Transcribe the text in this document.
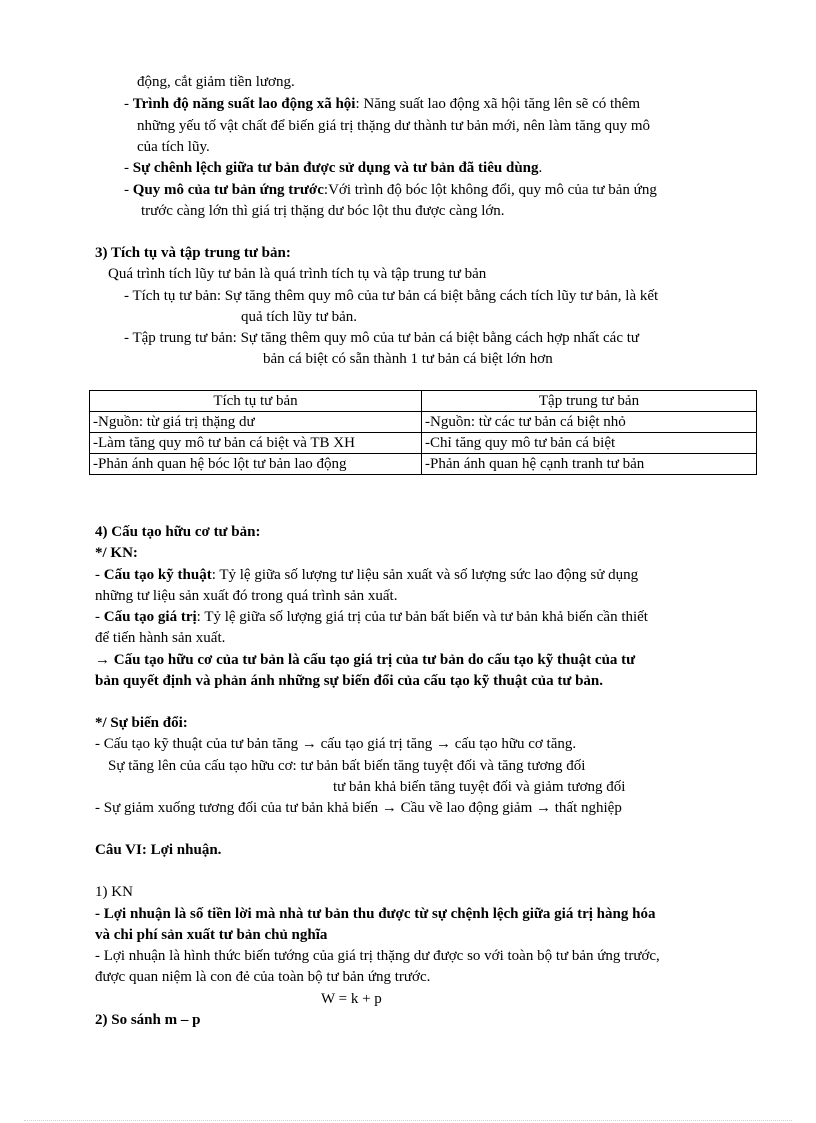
động, cắt giảm tiền lương.
- Trình độ năng suất lao động xã hội: Năng suất lao động xã hội tăng lên sẽ có thêm
những yếu tố vật chất để biến giá trị thặng dư thành tư bản mới, nên làm tăng quy mô
của tích lũy.
- Sự chênh lệch giữa tư bản được sử dụng và tư bản đã tiêu dùng.
- Quy mô của tư bản ứng trước:Với trình độ bóc lột không đổi, quy mô của tư bản ứng
trước càng lớn thì giá trị thặng dư bóc lột thu được càng lớn.
3) Tích tụ và tập trung tư bản:
Quá trình tích lũy tư bản là quá trình tích tụ và tập trung tư bản
- Tích tụ tư bản: Sự tăng thêm quy mô của tư bản cá biệt bằng cách tích lũy tư bản, là kết
quả tích lũy tư bản.
- Tập trung tư bản: Sự tăng thêm quy mô của tư bản cá biệt bằng cách hợp nhất các tư
bản cá biệt có sẵn thành 1 tư bản cá biệt lớn hơn
Tích tụ tư bản	Tập trung tư bản
-Nguồn: từ giá trị thặng dư	-Nguồn: từ các tư bản cá biệt nhỏ
-Làm tăng quy mô tư bản cá biệt và TB XH	-Chỉ tăng quy mô tư bản cá biệt
-Phản ánh quan hệ bóc lột tư bản lao động	-Phản ánh quan hệ cạnh tranh tư bản
4) Cấu tạo hữu cơ tư bản:
*/ KN:
- Cấu tạo kỹ thuật: Tỷ lệ giữa số lượng tư liệu sản xuất và số lượng sức lao động sử dụng
những tư liệu sản xuất đó trong quá trình sản xuất.
- Cấu tạo giá trị: Tỷ lệ giữa số lượng giá trị của tư bản bất biến và tư bản khả biến cần thiết
để tiến hành sản xuất.
→ Cấu tạo hữu cơ của tư bản là cấu tạo giá trị của tư bản do cấu tạo kỹ thuật của tư
bản quyết định và phản ánh những sự biến đổi của cấu tạo kỹ thuật của tư bản.
*/ Sự biến đổi:
- Cấu tạo kỹ thuật của tư bản tăng → cấu tạo giá trị tăng → cấu tạo hữu cơ tăng.
Sự tăng lên của cấu tạo hữu cơ: tư bản bất biến tăng tuyệt đối và tăng tương đối
tư bản khả biến tăng tuyệt đối và giảm tương đối
- Sự giảm xuống tương đối của tư bản khả biến → Cầu về lao động giảm → thất nghiệp
Câu VI: Lợi nhuận.
1) KN
- Lợi nhuận là số tiền lời mà nhà tư bản thu được từ sự chệnh lệch giữa giá trị hàng hóa
và chi phí sản xuất tư bản chủ nghĩa
- Lợi nhuận là hình thức biến tướng của giá trị thặng dư được so với toàn bộ tư bản ứng trước,
được quan niệm là con đẻ của toàn bộ tư bản ứng trước.
W = k + p
2) So sánh m – p
